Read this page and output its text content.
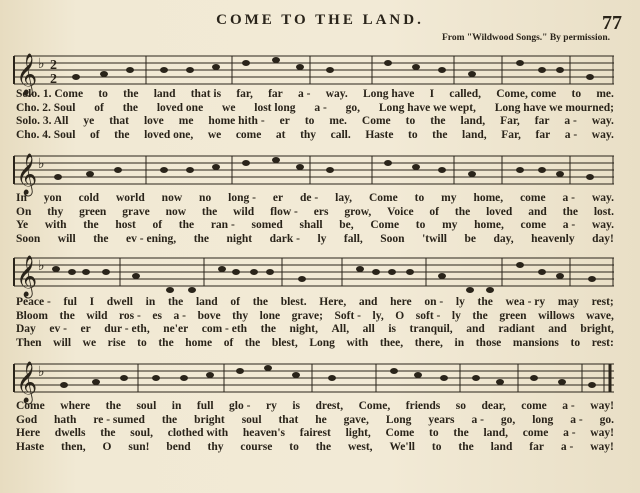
COME TO THE LAND.	77
From "Wildwood Songs." By permission.
𝄞 ♭ 2
2
Solo. 1. Come to the land that is far, far a - way. Long have I called, Come, come to me.
Cho. 2. Soul of the loved one we lost long a - go, Long have we wept, Long have we mourned;
Solo. 3. All ye that love me home hith - er to me. Come to the land, Far, far a - way.
Cho. 4. Soul of the loved one, we come at thy call. Haste to the land, Far, far a - way.
𝄞 ♭
In yon cold world now no long - er de - lay, Come to my home, come a - way.
On thy green grave now the wild flow - ers grow, Voice of the loved and the lost.
Ye with the host of the ran - somed shall be, Come to my home, come a - way.
Soon will the ev - ening, the night dark - ly fall, Soon 'twill be day, heavenly day!
𝄞 ♭
Peace - ful I dwell in the land of the blest. Here, and here on - ly the wea - ry may rest;
Bloom the wild ros - es a - bove thy lone grave; Soft - ly, O soft - ly the green willows wave,
Day ev - er dur - eth, ne'er com - eth the night, All, all is tranquil, and radiant and bright,
Then will we rise to the home of the blest, Long with thee, there, in those mansions to rest:
𝄞 ♭
Come where the soul in full glo - ry is drest, Come, friends so dear, come a - way!
God hath re - sumed the bright soul that he gave, Long years a - go, long a - go.
Here dwells the soul, clothed with heaven's fairest light, Come to the land, come a - way!
Haste then, O sun! bend thy course to the west, We'll to the land far a - way!
